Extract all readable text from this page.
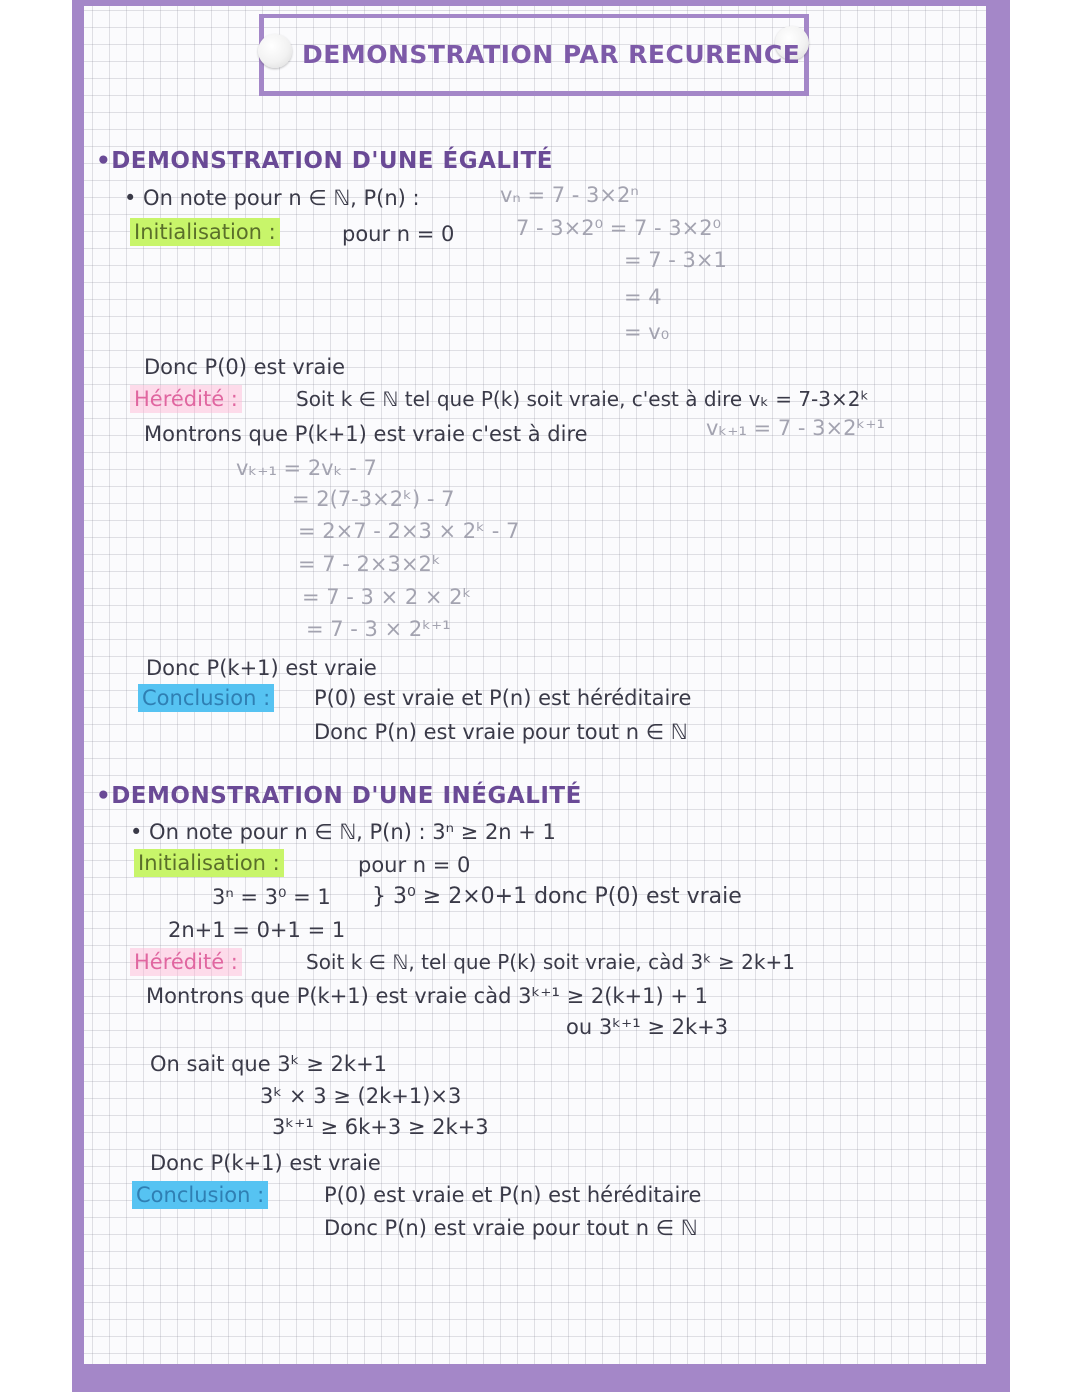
DEMONSTRATION PAR RECURENCE
•DEMONSTRATION D'UNE ÉGALITÉ
• On note pour n ∈ ℕ, P(n) :	vₙ = 7 - 3×2ⁿ
Initialisation :	pour n = 0	7 - 3×2⁰ = 7 - 3×2⁰
= 7 - 3×1
= 4
= v₀
Donc P(0) est vraie
Hérédité :	Soit k ∈ ℕ tel que P(k) soit vraie, c'est à dire vₖ = 7-3×2ᵏ
Montrons que P(k+1) est vraie c'est à dire	vₖ₊₁ = 7 - 3×2ᵏ⁺¹
vₖ₊₁ = 2vₖ - 7
= 2(7-3×2ᵏ) - 7
= 2×7 - 2×3 × 2ᵏ - 7
= 7 - 2×3×2ᵏ
= 7 - 3 × 2 × 2ᵏ
= 7 - 3 × 2ᵏ⁺¹
Donc P(k+1) est vraie
Conclusion : P(0) est vraie et P(n) est héréditaire
Donc P(n) est vraie pour tout n ∈ ℕ
•DEMONSTRATION D'UNE INÉGALITÉ
• On note pour n ∈ ℕ, P(n) : 3ⁿ ≥ 2n + 1
Initialisation :	pour n = 0
3ⁿ = 3⁰ = 1
2n+1 = 0+1 = 1
} 3⁰ ≥ 2×0+1 donc P(0) est vraie
Hérédité :	Soit k ∈ ℕ, tel que P(k) soit vraie, càd 3ᵏ ≥ 2k+1
Montrons que P(k+1) est vraie càd 3ᵏ⁺¹ ≥ 2(k+1) + 1
ou 3ᵏ⁺¹ ≥ 2k+3
On sait que 3ᵏ ≥ 2k+1
3ᵏ × 3 ≥ (2k+1)×3
3ᵏ⁺¹ ≥ 6k+3 ≥ 2k+3
Donc P(k+1) est vraie
Conclusion :	P(0) est vraie et P(n) est héréditaire
Donc P(n) est vraie pour tout n ∈ ℕ
